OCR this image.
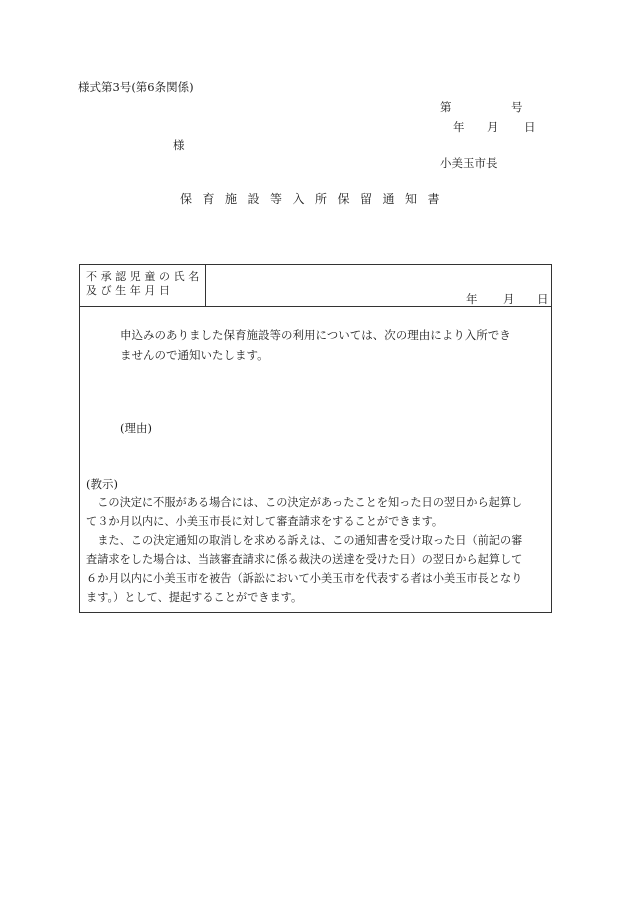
様式第3号(第6条関係)
第	号
年 月 日
様
小美玉市長
保育施設等入所保留通知書
不承認児童の氏名
及び生年月日
年 月 日
申込みのありました保育施設等の利用については、次の理由により入所でき
ませんので通知いたします。
(理由)
(教示)
　この決定に不服がある場合には、この決定があったことを知った日の翌日から起算し
て３か月以内に、小美玉市長に対して審査請求をすることができます。
　また、この決定通知の取消しを求める訴えは、この通知書を受け取った日（前記の審
査請求をした場合は、当該審査請求に係る裁決の送達を受けた日）の翌日から起算して
６か月以内に小美玉市を被告（訴訟において小美玉市を代表する者は小美玉市長となり
ます。）として、提起することができます。
